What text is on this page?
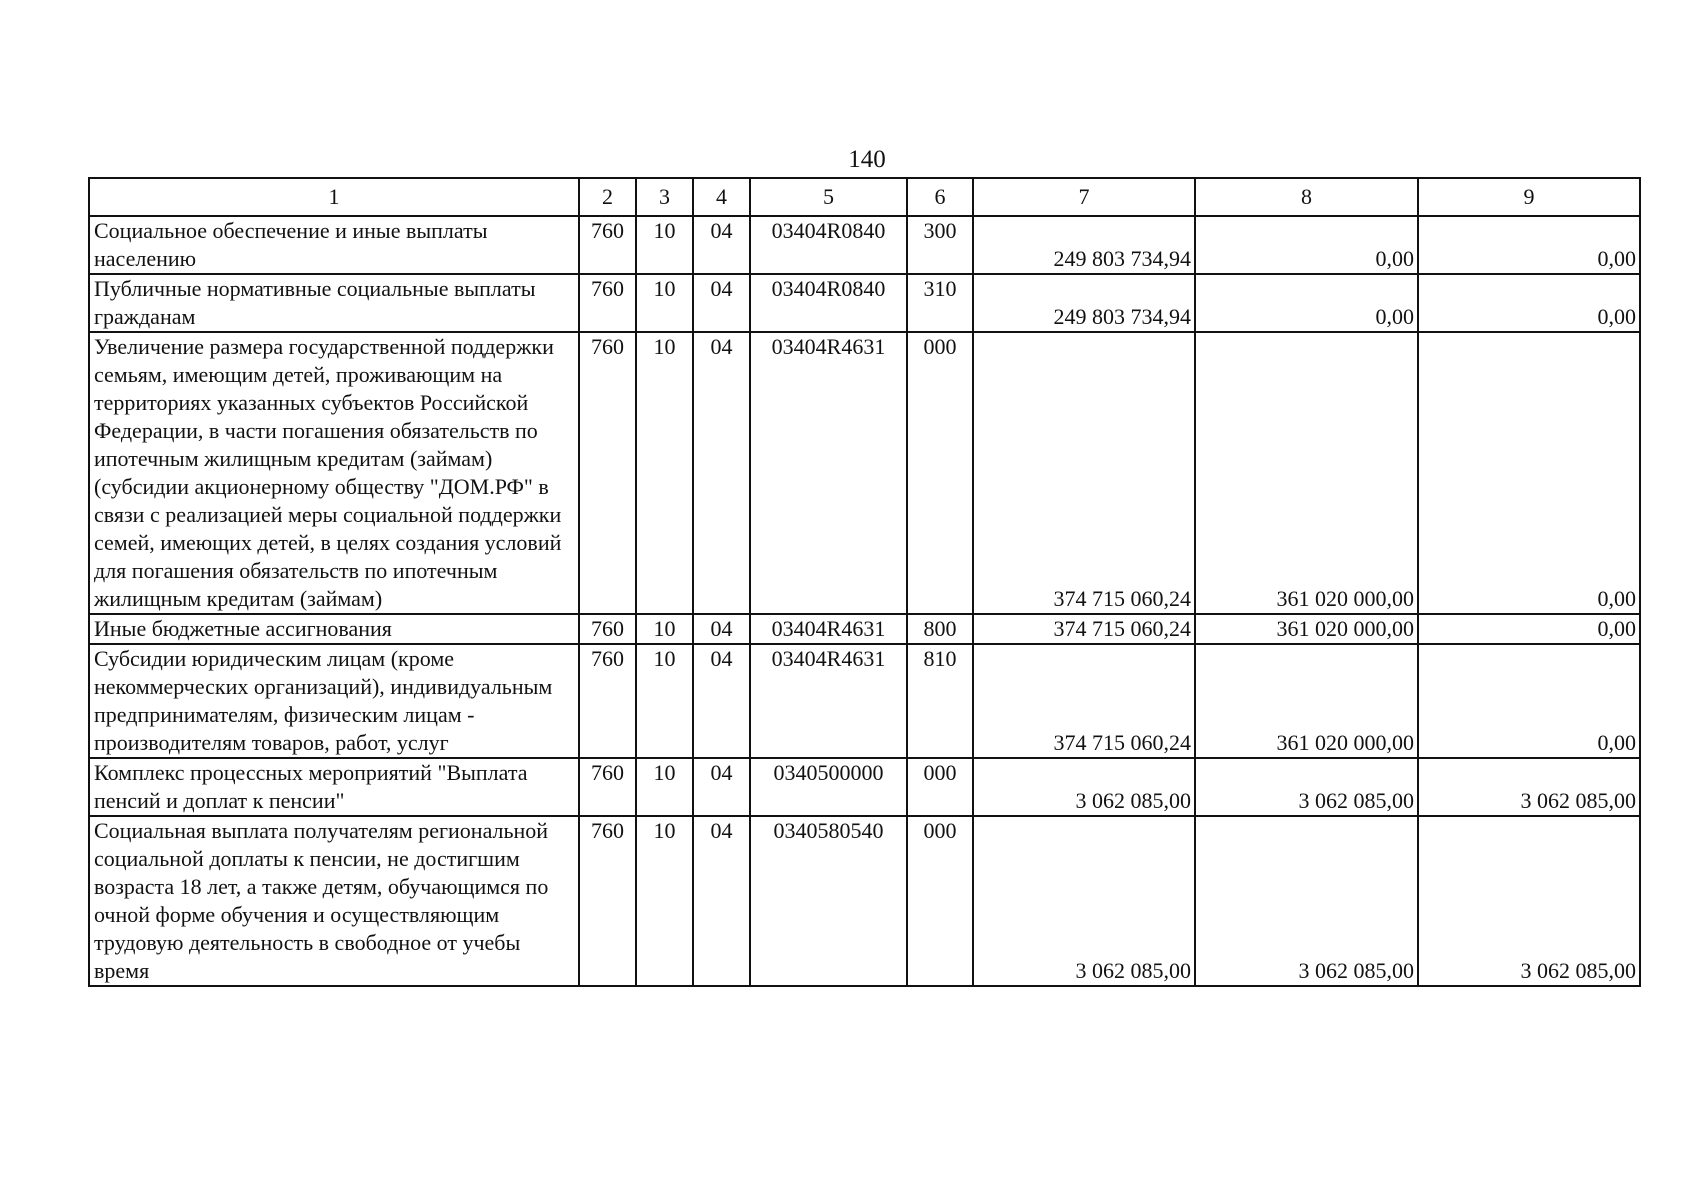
140
1	2	3	4	5	6	7	8	9
Социальное обеспечение и иные выплаты населению	760	10	04	03404R0840	300	249 803 734,94	0,00	0,00
Публичные нормативные социальные выплаты гражданам	760	10	04	03404R0840	310	249 803 734,94	0,00	0,00
Увеличение размера государственной поддержки семьям, имеющим детей, проживающим на территориях указанных субъектов Российской Федерации, в части погашения обязательств по ипотечным жилищным кредитам (займам) (субсидии акционерному обществу "ДОМ.РФ" в связи с реализацией меры социальной поддержки семей, имеющих детей, в целях создания условий для погашения обязательств по ипотечным жилищным кредитам (займам)	760	10	04	03404R4631	000	374 715 060,24	361 020 000,00	0,00
Иные бюджетные ассигнования	760	10	04	03404R4631	800	374 715 060,24	361 020 000,00	0,00
Субсидии юридическим лицам (кроме некоммерческих организаций), индивидуальным предпринимателям, физическим лицам - производителям товаров, работ, услуг	760	10	04	03404R4631	810	374 715 060,24	361 020 000,00	0,00
Комплекс процессных мероприятий "Выплата пенсий и доплат к пенсии"	760	10	04	0340500000	000	3 062 085,00	3 062 085,00	3 062 085,00
Социальная выплата получателям региональной социальной доплаты к пенсии, не достигшим возраста 18 лет, а также детям, обучающимся по очной форме обучения и осуществляющим трудовую деятельность в свободное от учебы время	760	10	04	0340580540	000	3 062 085,00	3 062 085,00	3 062 085,00
